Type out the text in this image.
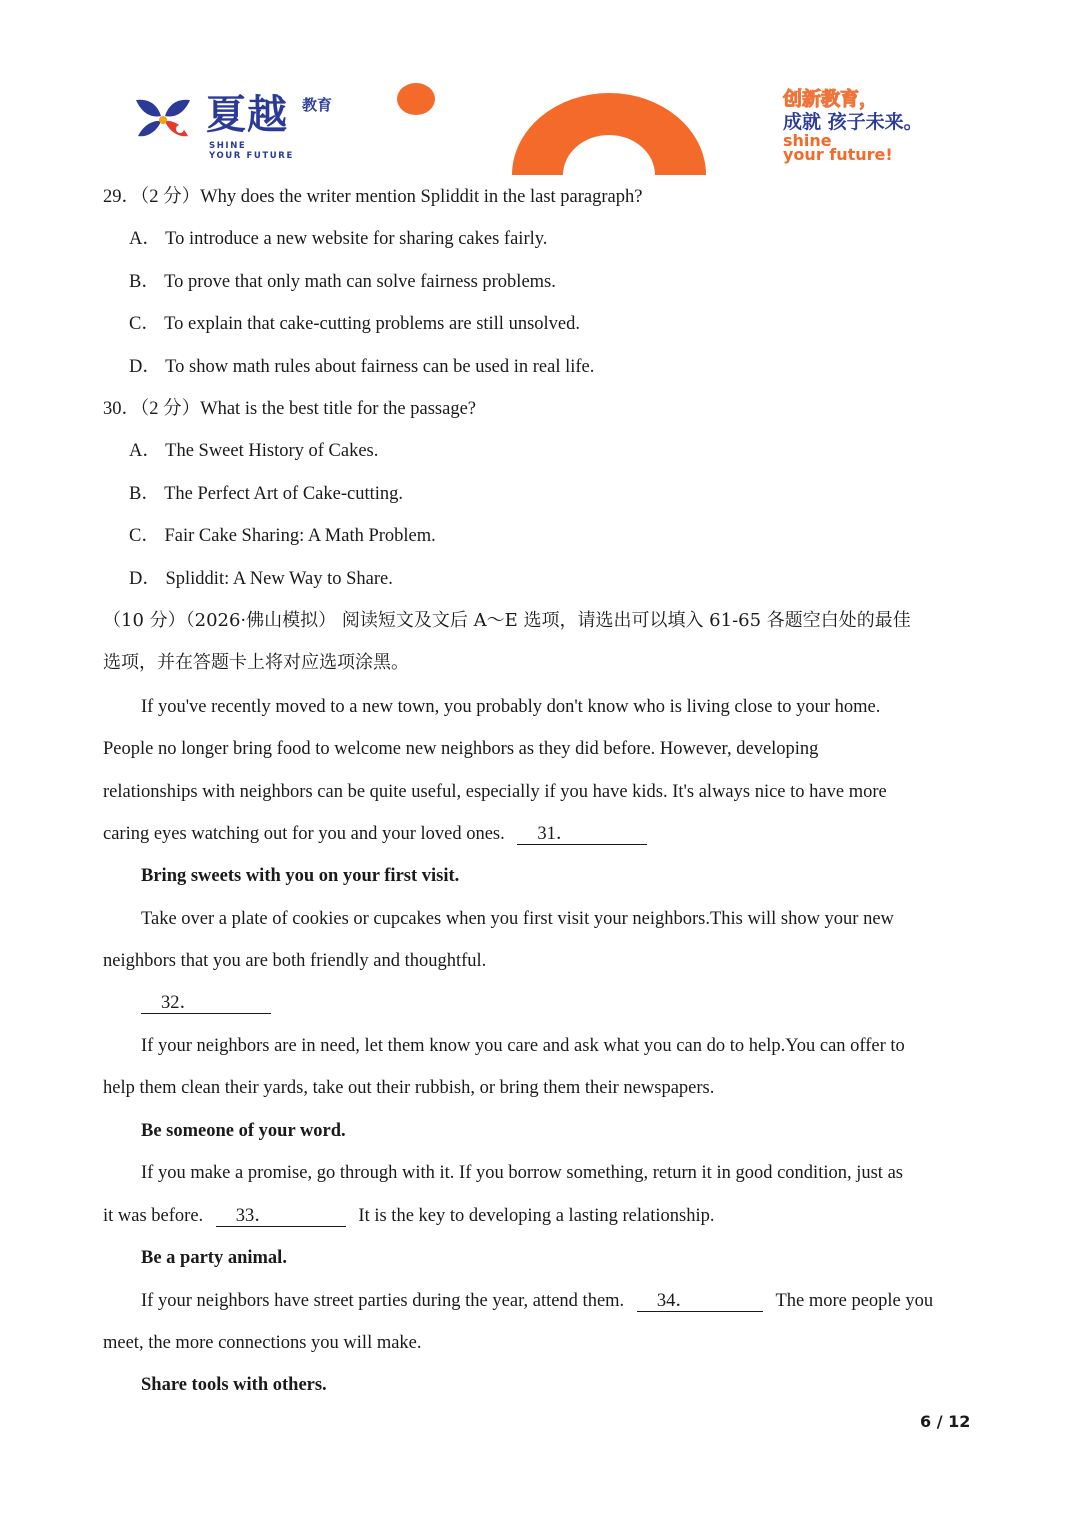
夏越 教育
SHINE
YOUR FUTURE
创新教育，
成就 孩子未来。
shine
your future!
29．（2 分）Why does the writer mention Spliddit in the last paragraph?
A． To introduce a new website for sharing cakes fairly.
B． To prove that only math can solve fairness problems.
C． To explain that cake-cutting problems are still unsolved.
D． To show math rules about fairness can be used in real life.
30．（2 分）What is the best title for the passage?
A． The Sweet History of Cakes.
B． The Perfect Art of Cake-cutting.
C． Fair Cake Sharing: A Math Problem.
D． Spliddit: A New Way to Share.
（10 分）（2026·佛山模拟） 阅读短文及文后 A～E 选项，请选出可以填入 61-65 各题空白处的最佳
选项，并在答题卡上将对应选项涂黑。
If you've recently moved to a new town, you probably don't know who is living close to your home.
People no longer bring food to welcome new neighbors as they did before. However, developing
relationships with neighbors can be quite useful, especially if you have kids. It's always nice to have more
caring eyes watching out for you and your loved ones. 31．
Bring sweets with you on your first visit.
Take over a plate of cookies or cupcakes when you first visit your neighbors.This will show your new
neighbors that you are both friendly and thoughtful.
32．
If your neighbors are in need, let them know you care and ask what you can do to help.You can offer to
help them clean their yards, take out their rubbish, or bring them their newspapers.
Be someone of your word.
If you make a promise, go through with it. If you borrow something, return it in good condition, just as
it was before. 33．	It is the key to developing a lasting relationship.
Be a party animal.
If your neighbors have street parties during the year, attend them. 34．	The more people you
meet, the more connections you will make.
Share tools with others.
6 / 12
